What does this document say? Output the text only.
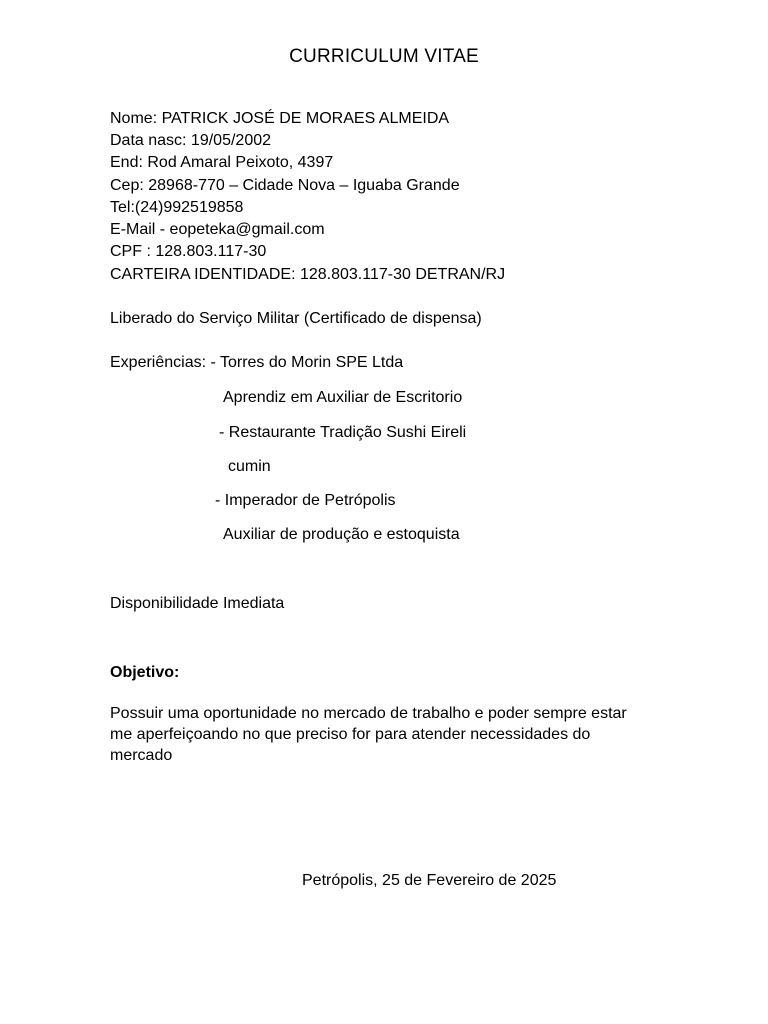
CURRICULUM VITAE
Nome: PATRICK JOSÉ DE MORAES ALMEIDA
Data nasc: 19/05/2002
End: Rod Amaral Peixoto, 4397
Cep: 28968-770 – Cidade Nova – Iguaba Grande
Tel:(24)992519858
E-Mail - eopeteka@gmail.com
CPF : 128.803.117-30
CARTEIRA IDENTIDADE: 128.803.117-30 DETRAN/RJ
Liberado do Serviço Militar (Certificado de dispensa)
Experiências: - Torres do Morin SPE Ltda
Aprendiz em Auxiliar de Escritorio
- Restaurante Tradição Sushi Eireli
cumin
- Imperador de Petrópolis
Auxiliar de produção e estoquista
Disponibilidade Imediata
Objetivo:
Possuir uma oportunidade no mercado de trabalho e poder sempre estar
me aperfeiçoando no que preciso for para atender necessidades do
mercado
Petrópolis, 25 de Fevereiro de 2025
